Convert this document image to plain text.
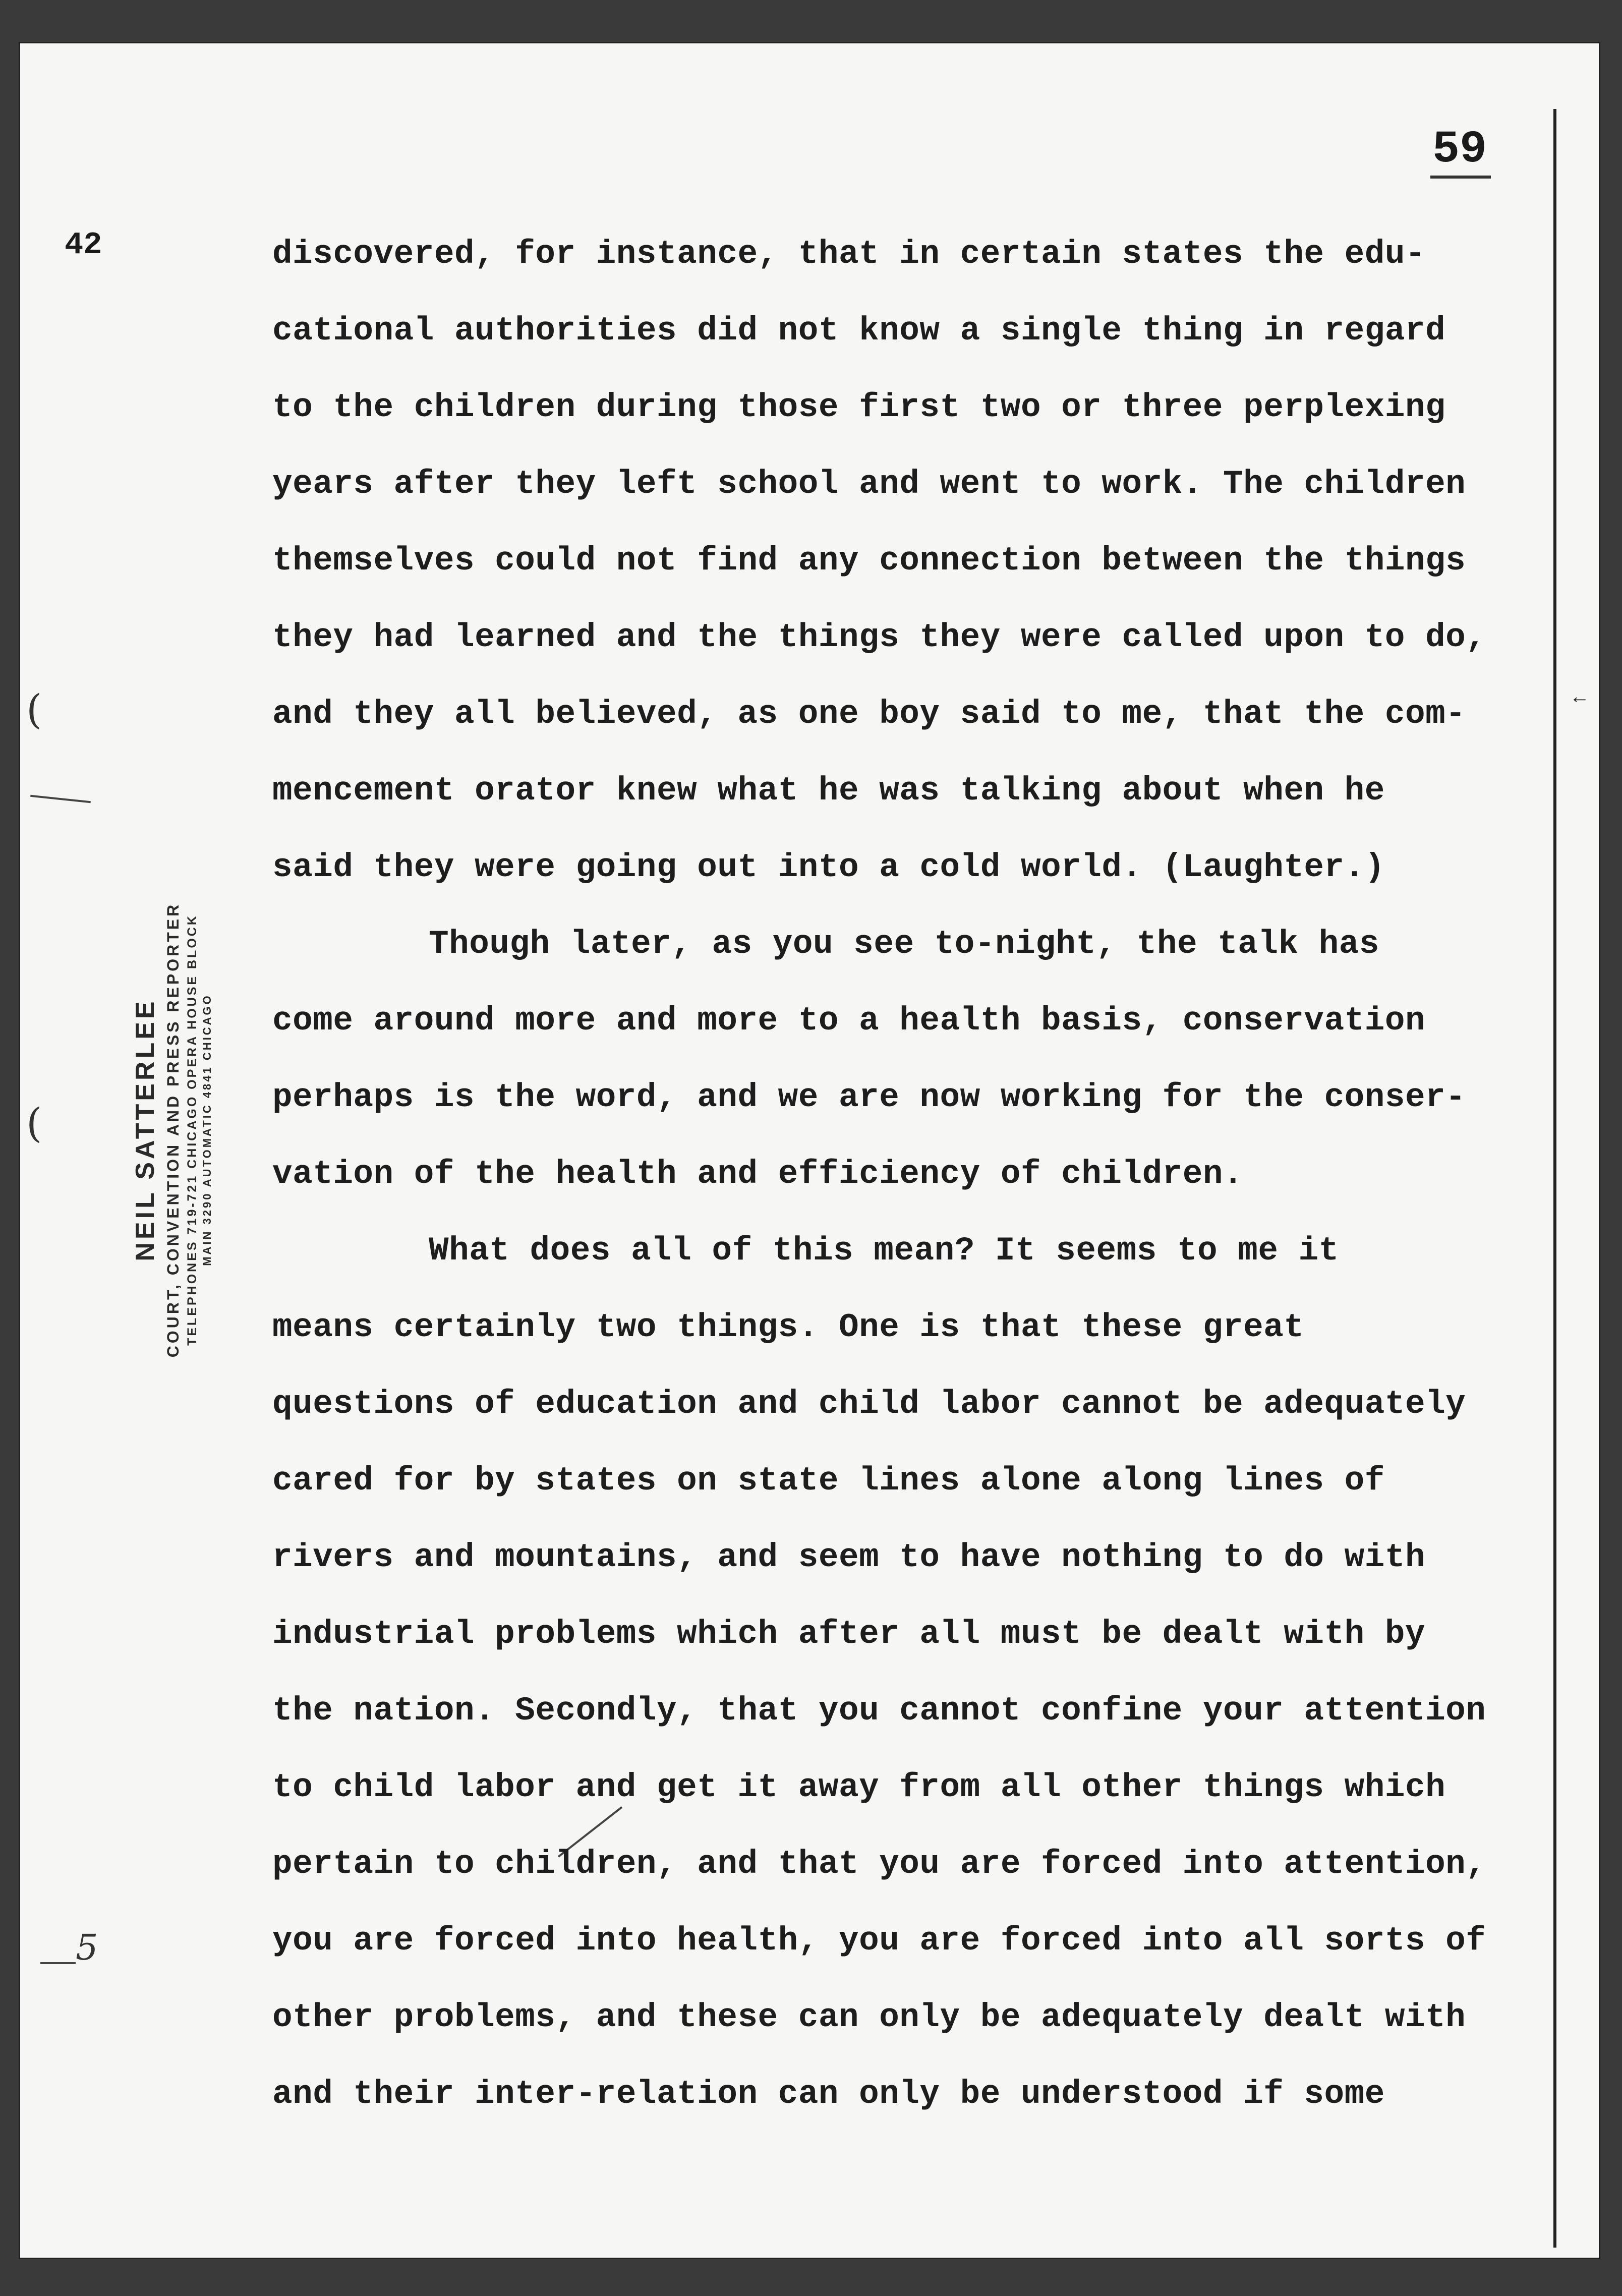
59
42
NEIL SATTERLEE COURT, CONVENTION AND PRESS REPORTER TELEPHONES 719-721 CHICAGO OPERA HOUSE BLOCK MAIN 3290 AUTOMATIC 4841 CHICAGO
(
(
5
←
discovered, for instance, that in certain states the edu-
cational authorities did not know a single thing in regard
to the children during those first two or three perplexing
years after they left school and went to work. The children
themselves could not find any connection between the things
they had learned and the things they were called upon to do,
and they all believed, as one boy said to me, that the com-
mencement orator knew what he was talking about when he
said they were going out into a cold world. (Laughter.)
Though later, as you see to-night, the talk has
come around more and more to a health basis, conservation
perhaps is the word, and we are now working for the conser-
vation of the health and efficiency of children.
What does all of this mean? It seems to me it
means certainly two things. One is that these great
questions of education and child labor cannot be adequately
cared for by states on state lines alone along lines of
rivers and mountains, and seem to have nothing to do with
industrial problems which after all must be dealt with by
the nation. Secondly, that you cannot confine your attention
to child labor and get it away from all other things which
pertain to children, and that you are forced into attention,
you are forced into health, you are forced into all sorts of
other problems, and these can only be adequately dealt with
and their inter-relation can only be understood if some
